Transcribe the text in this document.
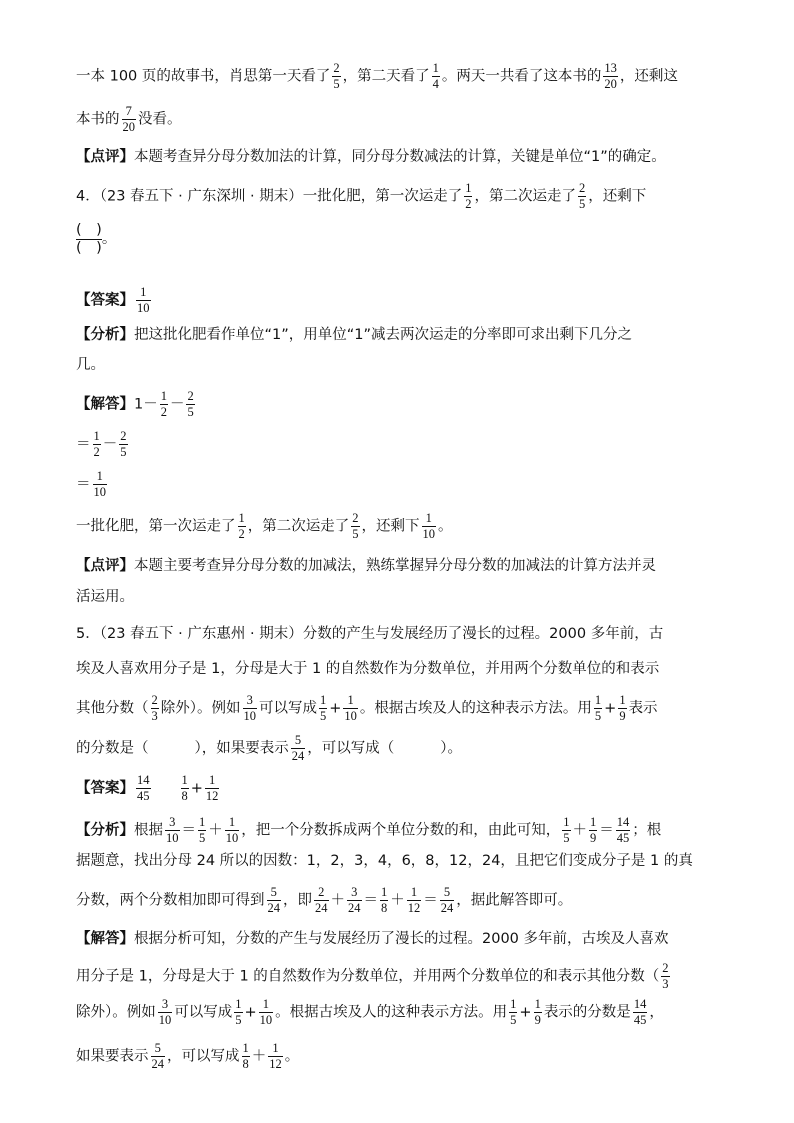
一本 100 页的故事书，肖思第一天看了 $\frac{2}{5}$ ，第二天看了 $\frac{1}{4}$ 。两天一共看了这本书的 $\frac{13}{20}$ ，还剩这
本书的 $\frac{7}{20}$ 没看。
【点评】本题考查异分母分数加法的计算，同分母分数减法的计算，关键是单位“1”的确定。
4．（23 春五下 · 广东深圳 · 期末）一批化肥，第一次运走了 $\frac{1}{2}$ ，第二次运走了 $\frac{2}{5}$ ，还剩下
(　)
(　)
。
【答案】 $\frac{1}{10}$
【分析】把这批化肥看作单位“1”，用单位“1”减去两次运走的分率即可求出剩下几分之
几。
【解答】$1- \frac{1}{2} - \frac{2}{5}$
＝ $\frac{1}{2} - \frac{2}{5}$
＝ $\frac{1}{10}$
一批化肥，第一次运走了 $\frac{1}{2}$ ，第二次运走了 $\frac{2}{5}$ ，还剩下 $\frac{1}{10}$ 。
【点评】本题主要考查异分母分数的加减法，熟练掌握异分母分数的加减法的计算方法并灵
活运用。
5．（23 春五下 · 广东惠州 · 期末）分数的产生与发展经历了漫长的过程。2000 多年前，古
埃及人喜欢用分子是 1，分母是大于 1 的自然数作为分数单位，并用两个分数单位的和表示
其他分数（ $\frac{2}{3}$ 除外）。例如 $\frac{3}{10}$ 可以写成 $\frac{1}{5} + \frac{1}{10}$ 。根据古埃及人的这种表示方法。用 $\frac{1}{5} + \frac{1}{9}$ 表示
的分数是（	），如果要表示 $\frac{5}{24}$ ，可以写成（	）。
【答案】 $\frac{14}{45} \frac{1}{8} + \frac{1}{12}$
【分析】根据 $\frac{3}{10} = \frac{1}{5} + \frac{1}{10}$ ，把一个分数拆成两个单位分数的和，由此可知， $\frac{1}{5} + \frac{1}{9} = \frac{14}{45}$ ；根
据题意，找出分母 24 所以的因数：1，2，3，4，6，8，12，24，且把它们变成分子是 1 的真
分数，两个分数相加即可得到 $\frac{5}{24}$ ，即 $\frac{2}{24} + \frac{3}{24} = \frac{1}{8} + \frac{1}{12} = \frac{5}{24}$ ，据此解答即可。
【解答】根据分析可知，分数的产生与发展经历了漫长的过程。2000 多年前，古埃及人喜欢
用分子是 1，分母是大于 1 的自然数作为分数单位，并用两个分数单位的和表示其他分数（ $\frac{2}{3}$
除外）。例如 $\frac{3}{10}$ 可以写成 $\frac{1}{5} + \frac{1}{10}$ 。根据古埃及人的这种表示方法。用 $\frac{1}{5} + \frac{1}{9}$ 表示的分数是 $\frac{14}{45}$ ，
如果要表示 $\frac{5}{24}$ ，可以写成 $\frac{1}{8} + \frac{1}{12}$ 。
